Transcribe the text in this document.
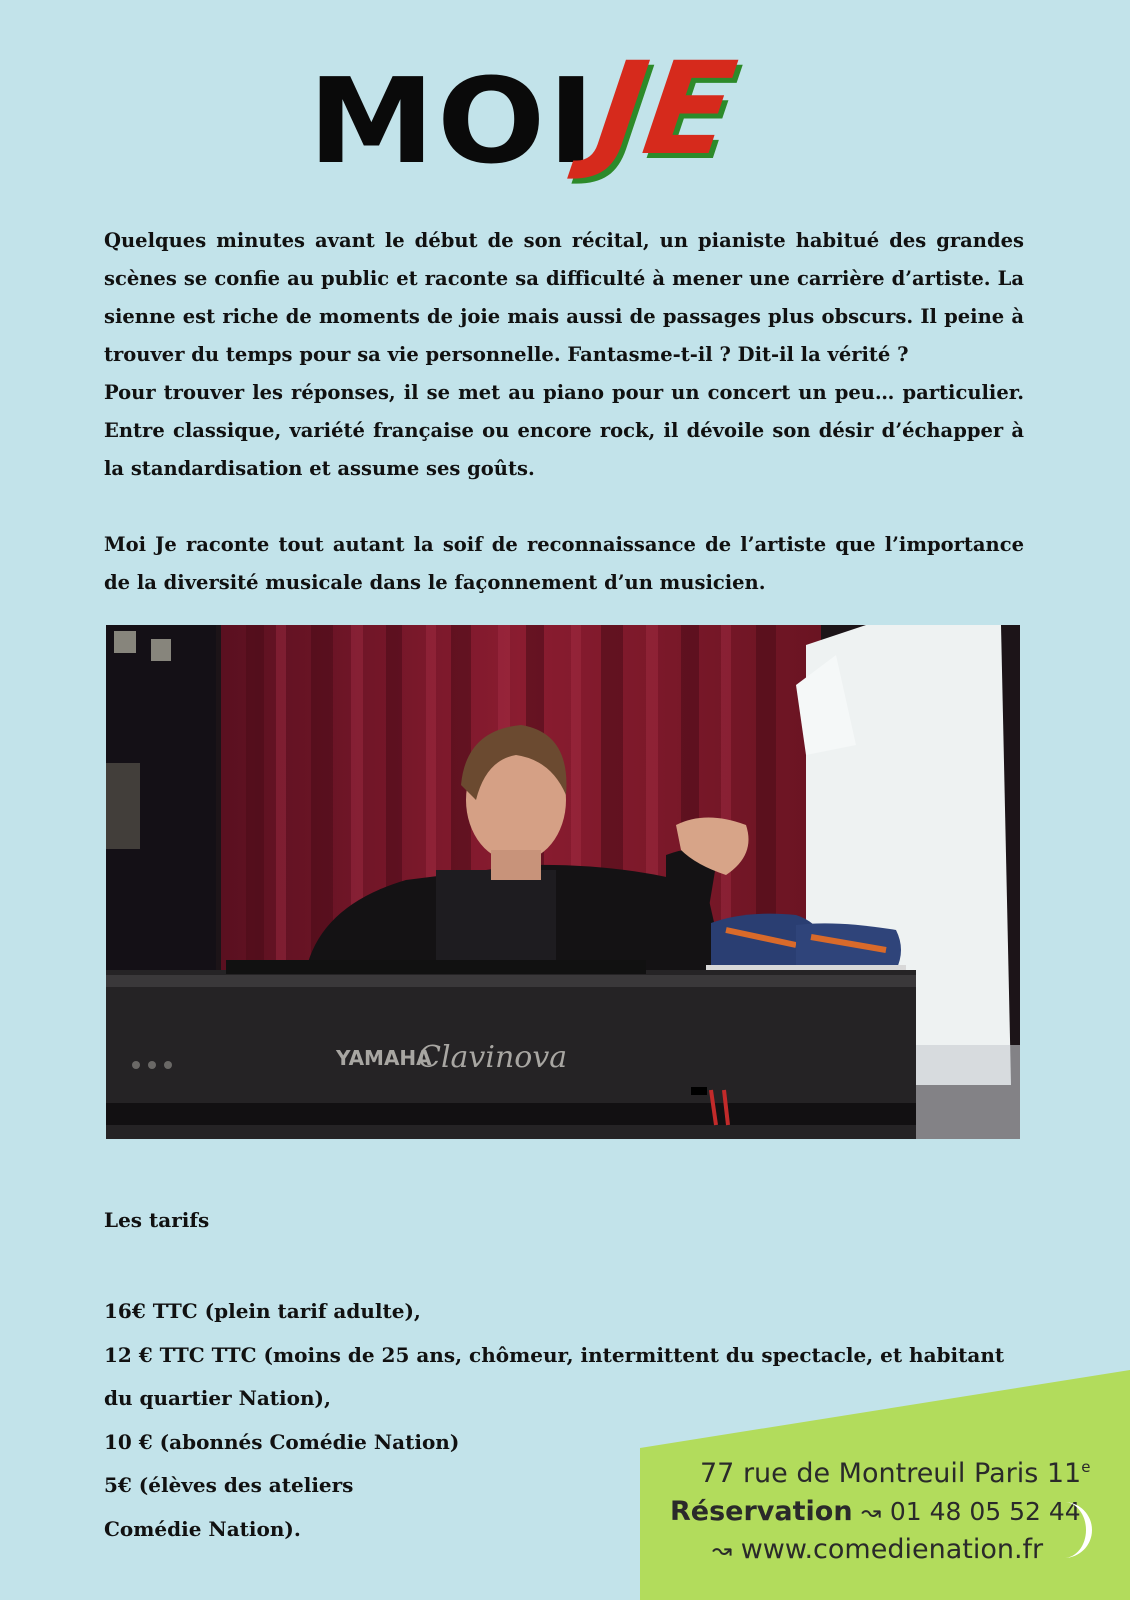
MOI
JE
Quelques minutes avant le début de son récital, un pianiste habitué des grandes scènes se confie au public et raconte sa difficulté à mener une carrière d’artiste. La sienne est riche de moments de joie mais aussi de passages plus obscurs. Il peine à trouver du temps pour sa vie personnelle. Fantasme-t-il ? Dit-il la vérité ?
Pour trouver les réponses, il se met au piano pour un concert un peu… particulier. Entre classique, variété française ou encore rock, il dévoile son désir d’échapper à la standardisation et assume ses goûts.

Moi Je raconte tout autant la soif de reconnaissance de l’artiste que l’importance de la diversité musicale dans le façonnement d’un musicien.

YAMAHA
Clavinova

Les tarifs

16€ TTC (plein tarif adulte),
12 € TTC TTC (moins de 25 ans, chômeur, intermittent du spectacle, et habitant du quartier Nation),
10 € (abonnés Comédie Nation)
5€ (élèves des ateliers
Comédie Nation).
77 rue de Montreuil Paris 11e
Réservation ↝ 01 48 05 52 44
↝ www.comedienation.fr
